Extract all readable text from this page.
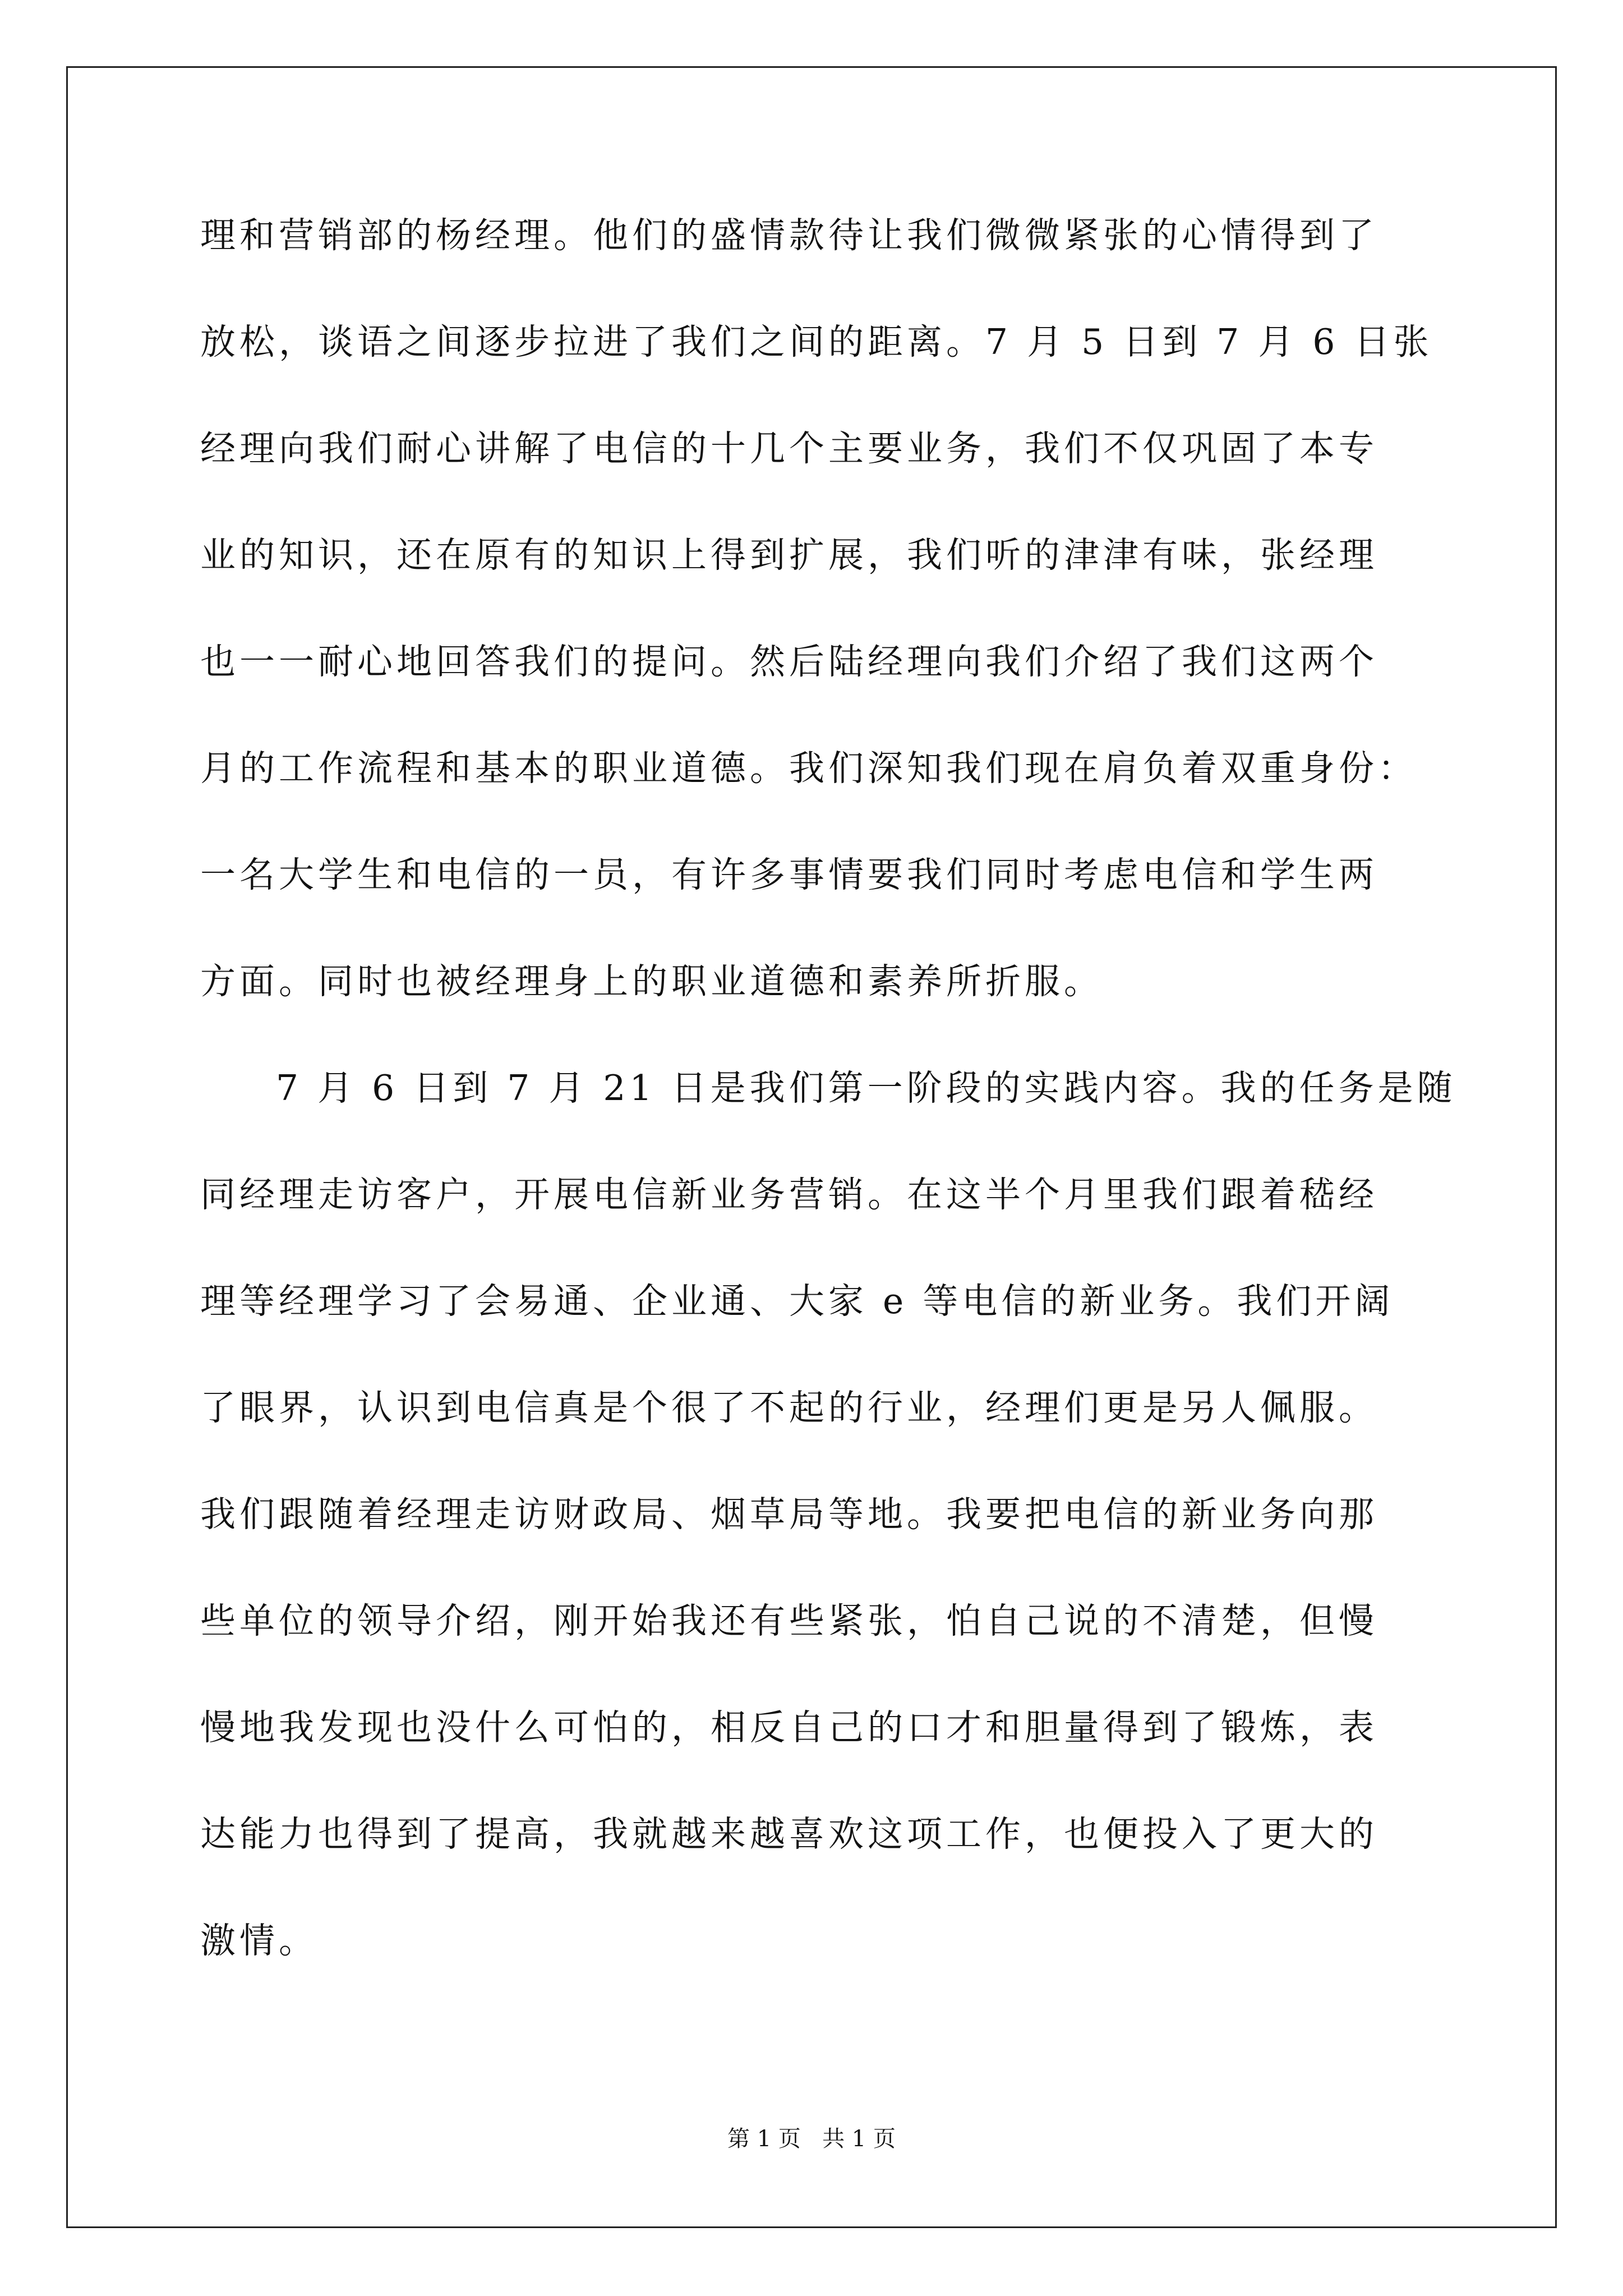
理和营销部的杨经理。他们的盛情款待让我们微微紧张的心情得到了
放松，谈语之间逐步拉进了我们之间的距离。7 月 5 日到 7 月 6 日张
经理向我们耐心讲解了电信的十几个主要业务，我们不仅巩固了本专
业的知识，还在原有的知识上得到扩展，我们听的津津有味，张经理
也一一耐心地回答我们的提问。然后陆经理向我们介绍了我们这两个
月的工作流程和基本的职业道德。我们深知我们现在肩负着双重身份：
一名大学生和电信的一员，有许多事情要我们同时考虑电信和学生两
方面。同时也被经理身上的职业道德和素养所折服。
7 月 6 日到 7 月 21 日是我们第一阶段的实践内容。我的任务是随
同经理走访客户，开展电信新业务营销。在这半个月里我们跟着嵇经
理等经理学习了会易通、企业通、大家 e 等电信的新业务。我们开阔
了眼界，认识到电信真是个很了不起的行业，经理们更是另人佩服。
我们跟随着经理走访财政局、烟草局等地。我要把电信的新业务向那
些单位的领导介绍，刚开始我还有些紧张，怕自己说的不清楚，但慢
慢地我发现也没什么可怕的，相反自己的口才和胆量得到了锻炼，表
达能力也得到了提高，我就越来越喜欢这项工作，也便投入了更大的
激情。
第 1 页   共 1 页
